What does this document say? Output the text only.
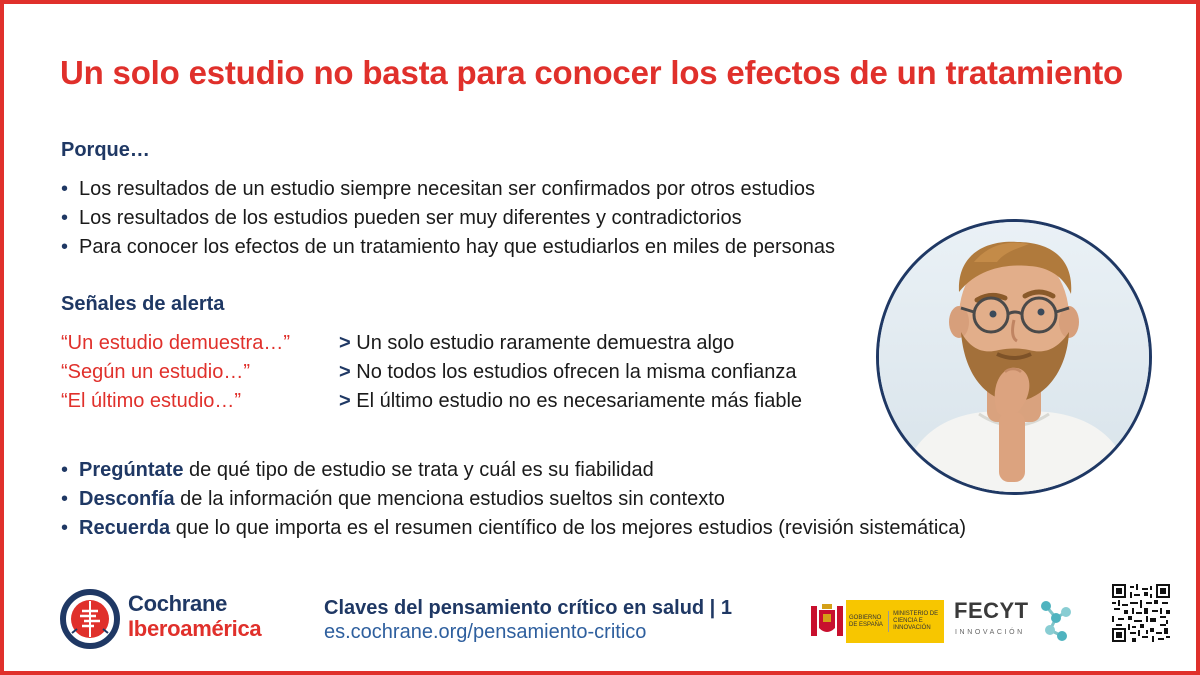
Un solo estudio no basta para conocer los efectos de un tratamiento
Porque…
• Los resultados de un estudio siempre necesitan ser confirmados por otros estudios
• Los resultados de los estudios pueden ser muy diferentes y contradictorios
• Para conocer los efectos de un tratamiento hay que estudiarlos en miles de personas
Señales de alerta
“Un estudio demuestra…” > Un solo estudio raramente demuestra algo
“Según un estudio…”	> No todos los estudios ofrecen la misma confianza
“El último estudio…”	> El último estudio no es necesariamente más fiable
• Pregúntate de qué tipo de estudio se trata y cuál es su fiabilidad
• Desconfía de la información que menciona estudios sueltos sin contexto
• Recuerda que lo que importa es el resumen científico de los mejores estudios (revisión sistemática)
Cochrane
Iberoamérica
Claves del pensamiento crítico en salud | 1
es.cochrane.org/pensamiento-critico
GOBIERNO DE ESPAÑA
MINISTERIO DE CIENCIA E INNOVACIÓN
FECYT
INNOVACIÓN
